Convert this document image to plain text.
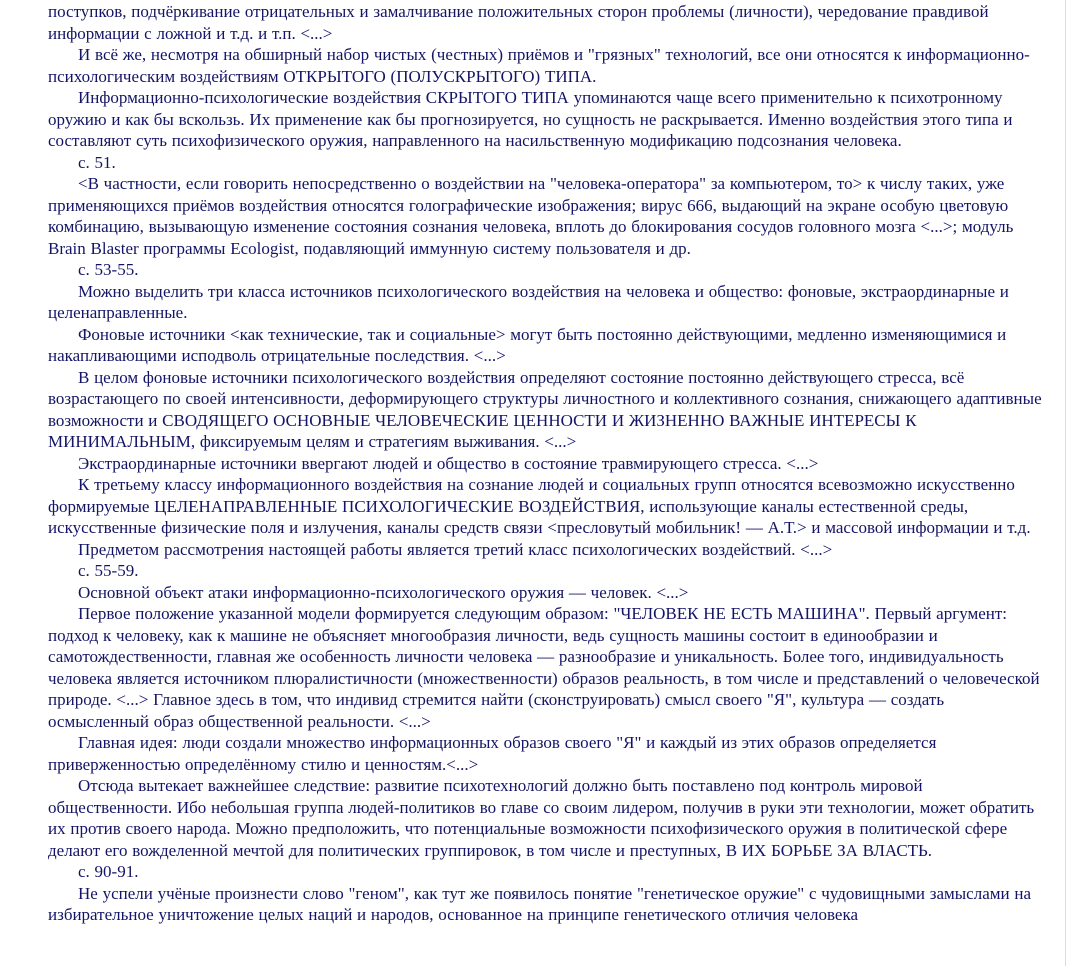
поступков, подчёркивание отрицательных и замалчивание положительных сторон проблемы (личности), чередование правдивой информации с ложной и т.д. и т.п. <...>

И всё же, несмотря на обширный набор чистых (честных) приёмов и "грязных" технологий, все они относятся к информационно-психологическим воздействиям ОТКРЫТОГО (ПОЛУСКРЫТОГО) ТИПА.

Информационно-психологические воздействия СКРЫТОГО ТИПА упоминаются чаще всего применительно к психотронному оружию и как бы вскользь. Их применение как бы прогнозируется, но сущность не раскрывается. Именно воздействия этого типа и составляют суть психофизического оружия, направленного на насильственную модификацию подсознания человека.

с. 51.

<В частности, если говорить непосредственно о воздействии на "человека-оператора" за компьютером, то> к числу таких, уже применяющихся приёмов воздействия относятся голографические изображения; вирус 666, выдающий на экране особую цветовую комбинацию, вызывающую изменение состояния сознания человека, вплоть до блокирования сосудов головного мозга <...>; модуль Brain Blaster программы Ecologist, подавляющий иммунную систему пользователя и др.

с. 53-55.

Можно выделить три класса источников психологического воздействия на человека и общество: фоновые, экстраординарные и целенаправленные.

Фоновые источники <как технические, так и социальные> могут быть постоянно действующими, медленно изменяющимися и накапливающими исподволь отрицательные последствия. <...>

В целом фоновые источники психологического воздействия определяют состояние постоянно действующего стресса, всё возрастающего по своей интенсивности, деформирующего структуры личностного и коллективного сознания, снижающего адаптивные возможности и СВОДЯЩЕГО ОСНОВНЫЕ ЧЕЛОВЕЧЕСКИЕ ЦЕННОСТИ И ЖИЗНЕННО ВАЖНЫЕ ИНТЕРЕСЫ К МИНИМАЛЬНЫМ, фиксируемым целям и стратегиям выживания. <...>

Экстраординарные источники ввергают людей и общество в состояние травмирующего стресса. <...>

К третьему классу информационного воздействия на сознание людей и социальных групп относятся всевозможно искусственно формируемые ЦЕЛЕНАПРАВЛЕННЫЕ ПСИХОЛОГИЧЕСКИЕ ВОЗДЕЙСТВИЯ, использующие каналы естественной среды, искусственные физические поля и излучения, каналы средств связи <пресловутый мобильник! — А.Т.> и массовой информации и т.д.

Предметом рассмотрения настоящей работы является третий класс психологических воздействий. <...>

с. 55-59.

Основной объект атаки информационно-психологического оружия — человек. <...>

Первое положение указанной модели формируется следующим образом: "ЧЕЛОВЕК НЕ ЕСТЬ МАШИНА". Первый аргумент: подход к человеку, как к машине не объясняет многообразия личности, ведь сущность машины состоит в единообразии и самотождественности, главная же особенность личности человека — разнообразие и уникальность. Более того, индивидуальность человека является источником плюралистичности (множественности) образов реальность, в том числе и представлений о человеческой природе. <...> Главное здесь в том, что индивид стремится найти (сконструировать) смысл своего "Я", культура — создать осмысленный образ общественной реальности. <...>

Главная идея: люди создали множество информационных образов своего "Я" и каждый из этих образов определяется приверженностью определённому стилю и ценностям.<...>

Отсюда вытекает важнейшее следствие: развитие психотехнологий должно быть поставлено под контроль мировой общественности. Ибо небольшая группа людей-политиков во главе со своим лидером, получив в руки эти технологии, может обратить их против своего народа. Можно предположить, что потенциальные возможности психофизического оружия в политической сфере делают его вожделенной мечтой для политических группировок, в том числе и преступных, В ИХ БОРЬБЕ ЗА ВЛАСТЬ.

с. 90-91.

Не успели учёные произнести слово "геном", как тут же появилось понятие "генетическое оружие" с чудовищными замыслами на избирательное уничтожение целых наций и народов, основанное на принципе генетического отличия человека
